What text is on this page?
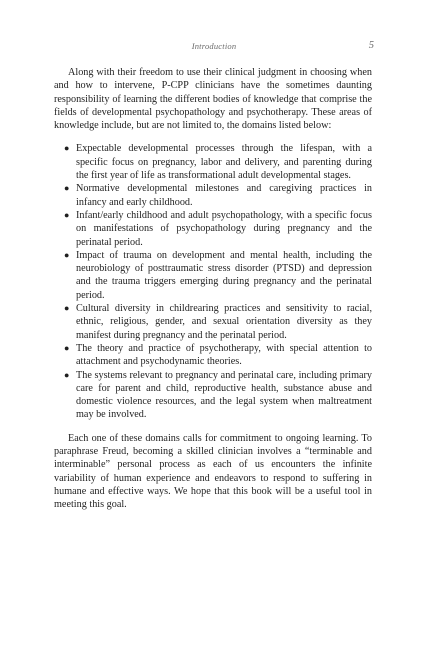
Introduction	5

Along with their freedom to use their clinical judgment in choosing when and how to intervene, P-CPP clinicians have the sometimes daunting responsibility of learning the different bodies of knowledge that comprise the fields of developmental psychopathology and psychotherapy. These areas of knowledge include, but are not limited to, the domains listed below:

● Expectable developmental processes through the lifespan, with a specific focus on pregnancy, labor and delivery, and parenting during the first year of life as transformational adult developmental stages.
● Normative developmental milestones and caregiving practices in infancy and early childhood.
● Infant/early childhood and adult psychopathology, with a specific focus on manifestations of psychopathology during pregnancy and the perinatal period.
● Impact of trauma on development and mental health, including the neurobiology of posttraumatic stress disorder (PTSD) and depression and the trauma triggers emerging during pregnancy and the perinatal period.
● Cultural diversity in childrearing practices and sensitivity to racial, ethnic, religious, gender, and sexual orientation diversity as they manifest during pregnancy and the perinatal period.
● The theory and practice of psychotherapy, with special attention to attachment and psychodynamic theories.
● The systems relevant to pregnancy and perinatal care, including primary care for parent and child, reproductive health, substance abuse and domestic violence resources, and the legal system when maltreatment may be involved.

Each one of these domains calls for commitment to ongoing learning. To paraphrase Freud, becoming a skilled clinician involves a “terminable and interminable” personal process as each of us encounters the infinite variability of human experience and endeavors to respond to suffering in humane and effective ways. We hope that this book will be a useful tool in meeting this goal.
